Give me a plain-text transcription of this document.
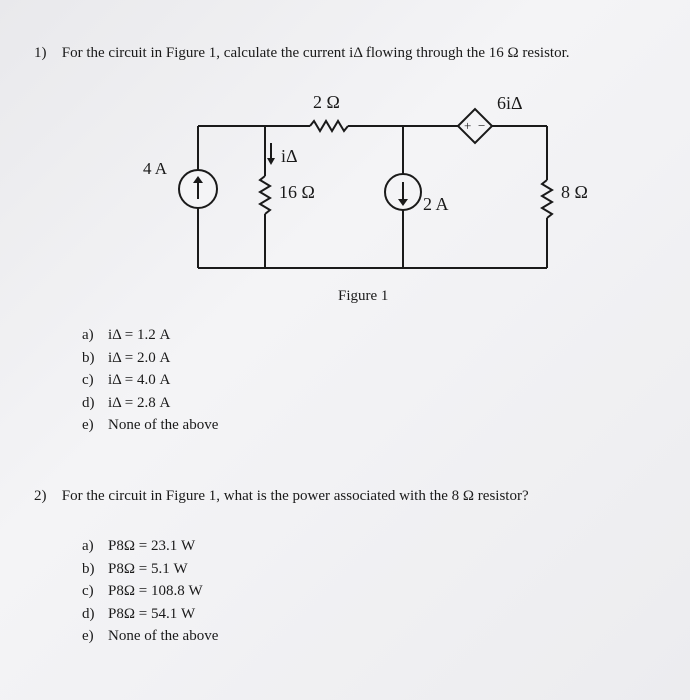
1) For the circuit in Figure 1, calculate the current iΔ flowing through the 16 Ω resistor.
2 Ω	6iΔ
+ −
4 A
iΔ
16 Ω
2 A
8 Ω
Figure 1
a) iΔ = 1.2 A
b) iΔ = 2.0 A
c) iΔ = 4.0 A
d) iΔ = 2.8 A
e) None of the above
2) For the circuit in Figure 1, what is the power associated with the 8 Ω resistor?
a) P8Ω = 23.1 W
b) P8Ω = 5.1 W
c) P8Ω = 108.8 W
d) P8Ω = 54.1 W
e) None of the above
